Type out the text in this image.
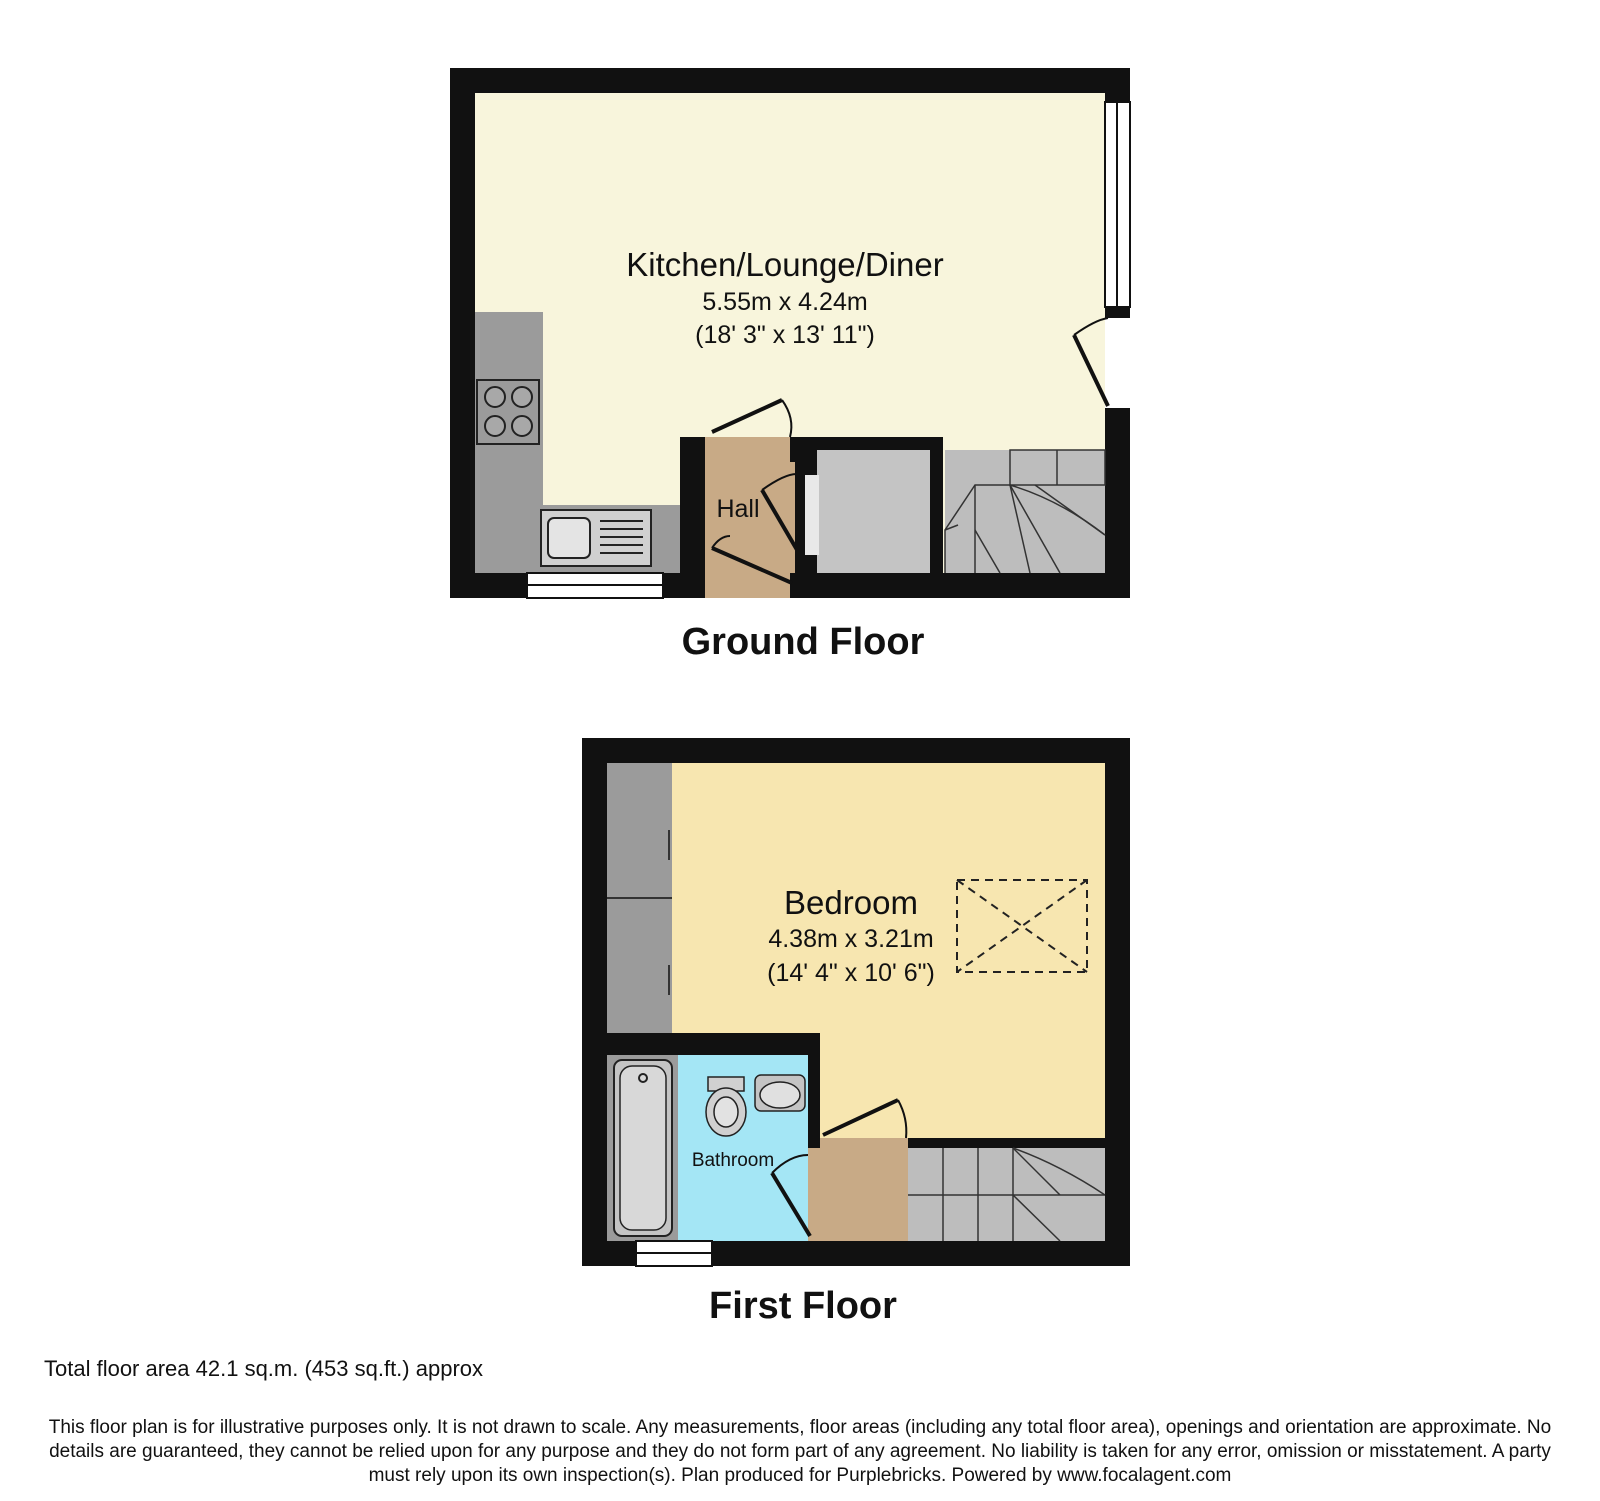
Kitchen/Lounge/Diner
5.55m x 4.24m
(18' 3" x 13' 11")
Hall
Ground Floor
Bedroom
4.38m x 3.21m
(14' 4" x 10' 6")
Bathroom
First Floor
Total floor area 42.1 sq.m. (453 sq.ft.) approx
This floor plan is for illustrative purposes only. It is not drawn to scale. Any measurements, floor areas (including any total floor area), openings and orientation are approximate. No details are guaranteed, they cannot be relied upon for any purpose and they do not form part of any agreement. No liability is taken for any error, omission or misstatement. A party must rely upon its own inspection(s). Plan produced for Purplebricks. Powered by www.focalagent.com
